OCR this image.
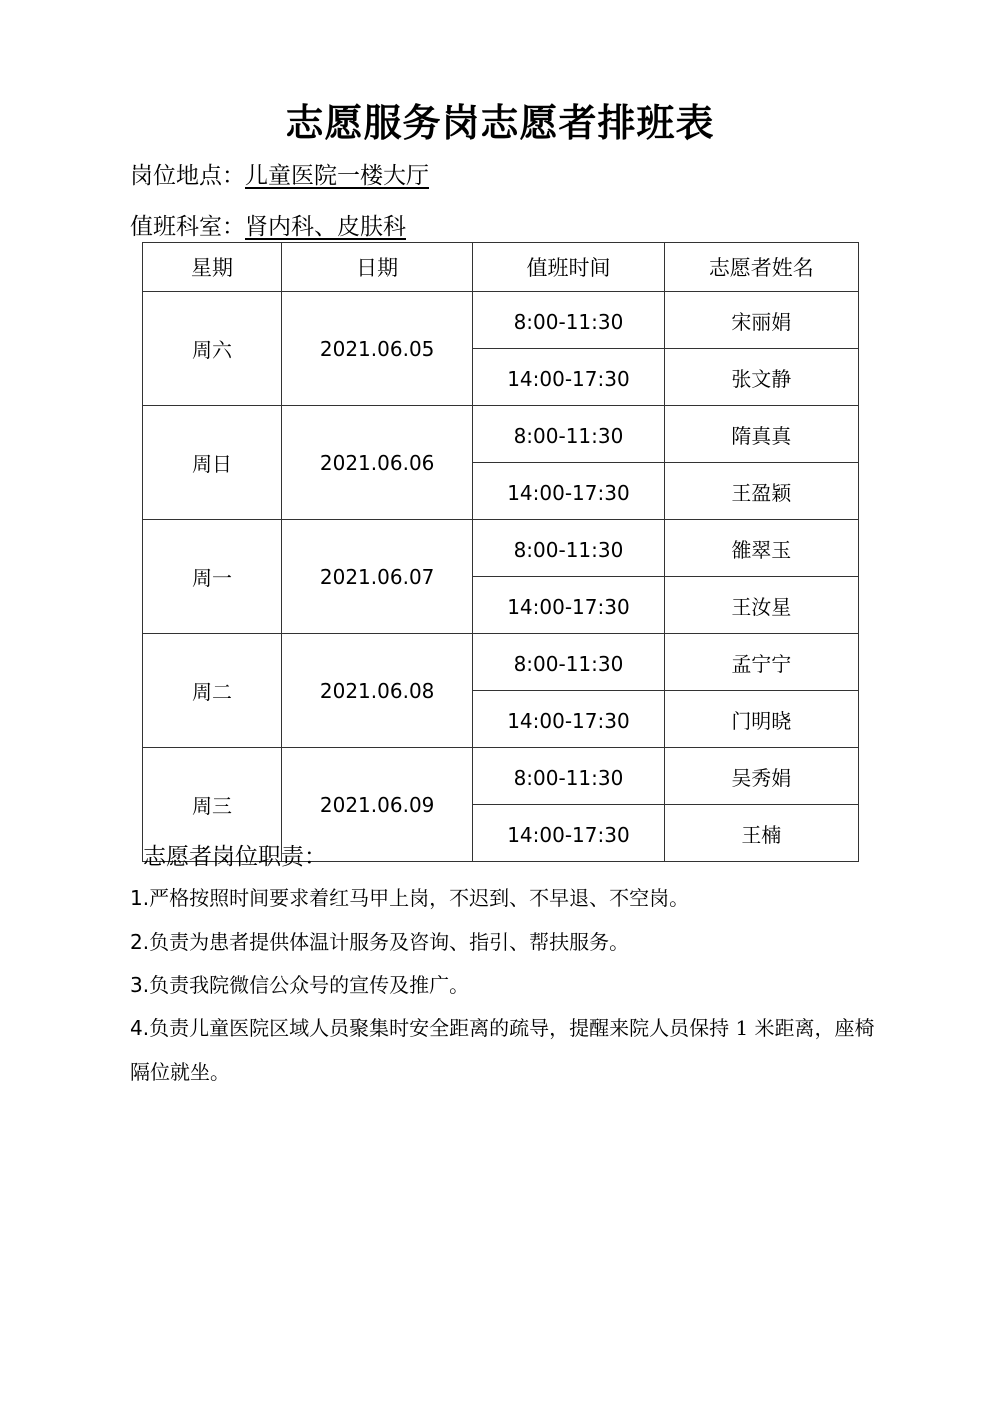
志愿服务岗志愿者排班表
岗位地点：儿童医院一楼大厅
值班科室：肾内科、皮肤科
星期	日期	值班时间	志愿者姓名
周六	2021.06.05	8:00-11:30	宋丽娟
		14:00-17:30	张文静
周日	2021.06.06	8:00-11:30	隋真真
		14:00-17:30	王盈颖
周一	2021.06.07	8:00-11:30	雒翠玉
		14:00-17:30	王汝星
周二	2021.06.08	8:00-11:30	孟宁宁
		14:00-17:30	门明晓
周三	2021.06.09	8:00-11:30	吴秀娟
		14:00-17:30	王楠
志愿者岗位职责：
1.严格按照时间要求着红马甲上岗，不迟到、不早退、不空岗。
2.负责为患者提供体温计服务及咨询、指引、帮扶服务。
3.负责我院微信公众号的宣传及推广。
4.负责儿童医院区域人员聚集时安全距离的疏导，提醒来院人员保持 1 米距离，座椅隔位就坐。
